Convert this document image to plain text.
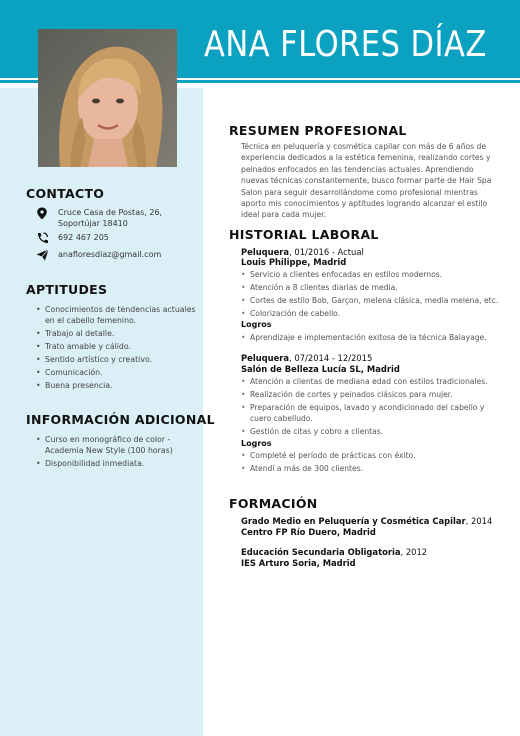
ANA FLORES DÍAZ
CONTACTO
Cruce Casa de Postas, 26, Soportújar 18410
692 467 205
anafloresdiaz@gmail.com
APTITUDES
• Conocimientos de tendencias actuales en el cabello femenino.
• Trabajo al detalle.
• Trato amable y cálido.
• Sentido artístico y creativo.
• Comunicación.
• Buena presencia.
INFORMACIÓN ADICIONAL
• Curso en monográfico de color - Academia New Style (100 horas)
• Disponibilidad inmediata.
RESUMEN PROFESIONAL
Técnica en peluquería y cosmética capilar con más de 6 años de experiencia dedicados a la estética femenina, realizando cortes y peinados enfocados en las tendencias actuales. Aprendiendo nuevas técnicas constantemente, busco formar parte de Hair Spa Salon para seguir desarrollándome como profesional mientras aporto mis conocimientos y aptitudes logrando alcanzar el estilo ideal para cada mujer.
HISTORIAL LABORAL
Peluquera, 01/2016 - Actual
Louis Philippe, Madrid
• Servicio a clientes enfocadas en estilos modernos.
• Atención a 8 clientes diarias de media.
• Cortes de estilo Bob, Garçon, melena clásica, media melena, etc.
• Colorización de cabello.
Logros
• Aprendizaje e implementación exitosa de la técnica Balayage.
Peluquera, 07/2014 - 12/2015
Salón de Belleza Lucía SL, Madrid
• Atención a clientas de mediana edad con estilos tradicionales.
• Realización de cortes y peinados clásicos para mujer.
• Preparación de equipos, lavado y acondicionado del cabello y cuero cabelludo.
• Gestión de citas y cobro a clientas.
Logros
• Completé el período de prácticas con éxito.
• Atendí a más de 300 clientes.
FORMACIÓN
Grado Medio en Peluquería y Cosmética Capilar, 2014
Centro FP Río Duero, Madrid
Educación Secundaria Obligatoria, 2012
IES Arturo Soria, Madrid
